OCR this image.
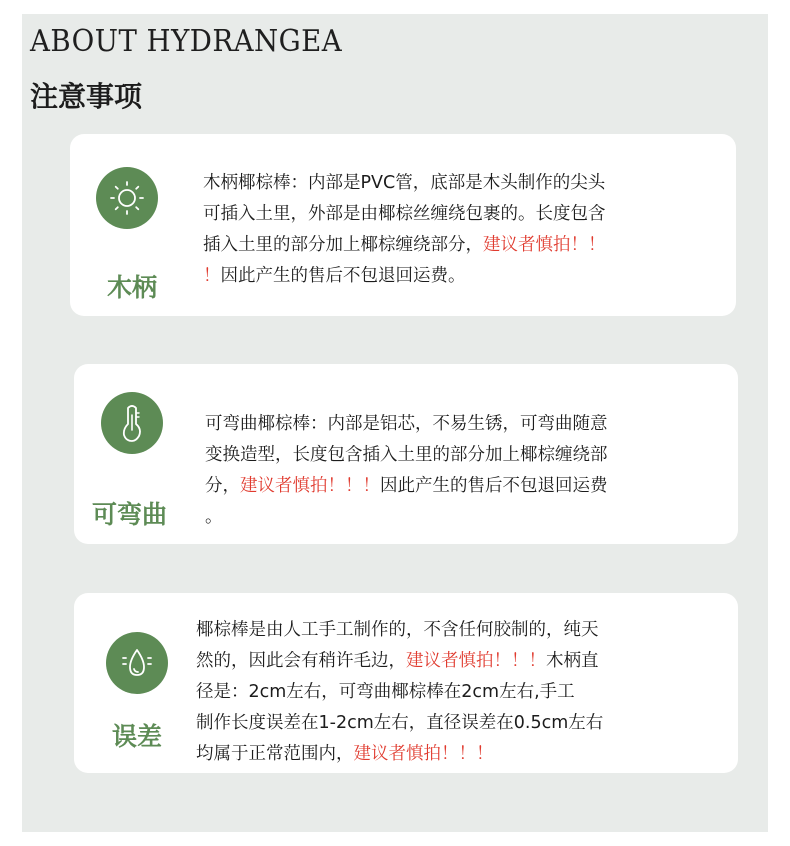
ABOUT HYDRANGEA
注意事项
木柄
木柄椰棕棒：内部是PVC管，底部是木头制作的尖头
可插入土里，外部是由椰棕丝缠绕包裹的。长度包含
插入土里的部分加上椰棕缠绕部分，建议者慎拍！！
！因此产生的售后不包退回运费。
可弯曲
可弯曲椰棕棒：内部是铝芯，不易生锈，可弯曲随意
变换造型，长度包含插入土里的部分加上椰棕缠绕部
分，建议者慎拍！！！因此产生的售后不包退回运费
。
误差
椰棕棒是由人工手工制作的，不含任何胶制的，纯天
然的，因此会有稍许毛边，建议者慎拍！！！木柄直
径是：2cm左右，可弯曲椰棕棒在2cm左右,手工
制作长度误差在1-2cm左右，直径误差在0.5cm左右
均属于正常范围内，建议者慎拍！！！
